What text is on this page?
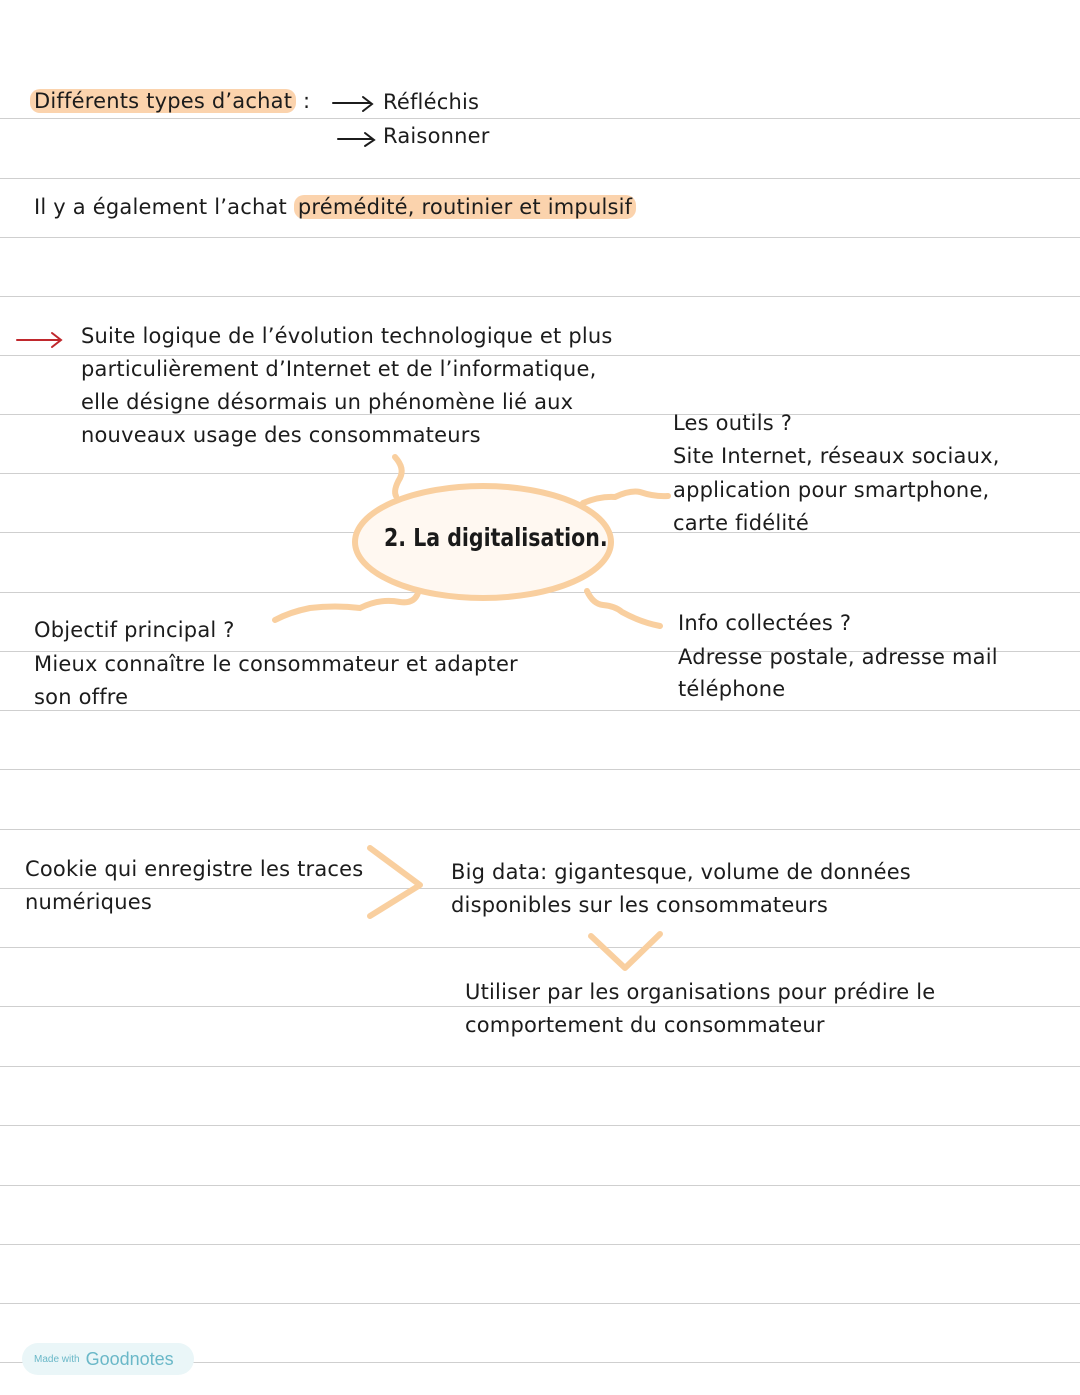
Différents types d’achat :	Réfléchis
Raisonner
Il y a également l’achat prémédité, routinier et impulsif
Suite logique de l’évolution technologique et plus
particulièrement d’Internet et de l’informatique,
elle désigne désormais un phénomène lié aux
nouveaux usage des consommateurs
2. La digitalisation.
Les outils ?
Site Internet, réseaux sociaux,
application pour smartphone,
carte fidélité
Objectif principal ?
Mieux connaître le consommateur et adapter
son offre
Info collectées ?
Adresse postale, adresse mail
téléphone
Cookie qui enregistre les traces
numériques
Big data: gigantesque, volume de données
disponibles sur les consommateurs
Utiliser par les organisations pour prédire le
comportement du consommateur
Made with Goodnotes
